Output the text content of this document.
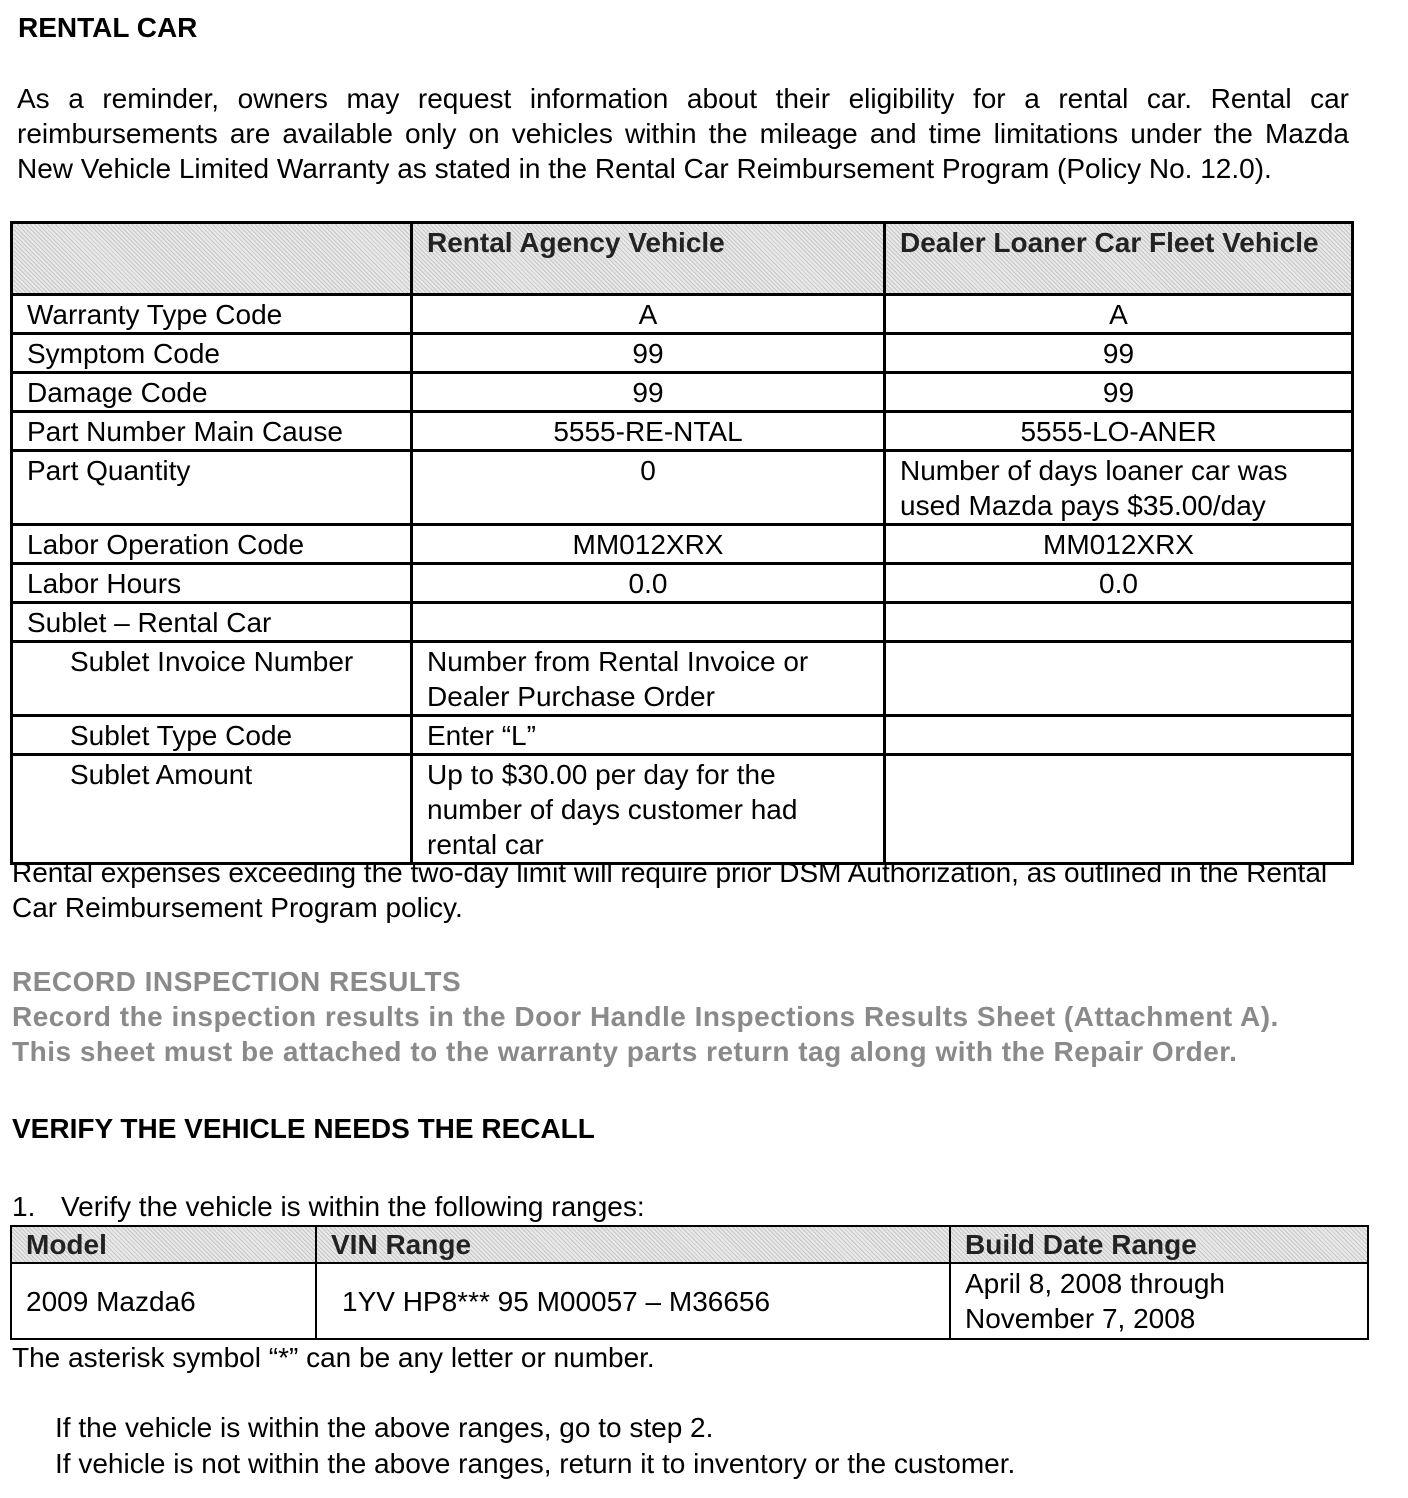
RENTAL CAR
As a reminder, owners may request information about their eligibility for a rental car. Rental car reimbursements are available only on vehicles within the mileage and time limitations under the Mazda New Vehicle Limited Warranty as stated in the Rental Car Reimbursement Program (Policy No. 12.0).
	Rental Agency Vehicle	Dealer Loaner Car Fleet Vehicle
Warranty Type Code	A	A
Symptom Code	99	99
Damage Code	99	99
Part Number Main Cause	5555-RE-NTAL	5555-LO-ANER
Part Quantity	0	Number of days loaner car was used Mazda pays $35.00/day
Labor Operation Code	MM012XRX	MM012XRX
Labor Hours	0.0	0.0
Sublet – Rental Car		
Sublet Invoice Number	Number from Rental Invoice or Dealer Purchase Order	
Sublet Type Code	Enter “L”	
Sublet Amount	Up to $30.00 per day for the number of days customer had rental car	
Rental expenses exceeding the two-day limit will require prior DSM Authorization, as outlined in the Rental Car Reimbursement Program policy.
RECORD INSPECTION RESULTS
Record the inspection results in the Door Handle Inspections Results Sheet (Attachment A).
This sheet must be attached to the warranty parts return tag along with the Repair Order.
VERIFY THE VEHICLE NEEDS THE RECALL
1. Verify the vehicle is within the following ranges:
Model	VIN Range	Build Date Range
2009 Mazda6	1YV HP8*** 95 M00057 – M36656	April 8, 2008 through November 7, 2008
The asterisk symbol “*” can be any letter or number.
If the vehicle is within the above ranges, go to step 2.
If vehicle is not within the above ranges, return it to inventory or the customer.
